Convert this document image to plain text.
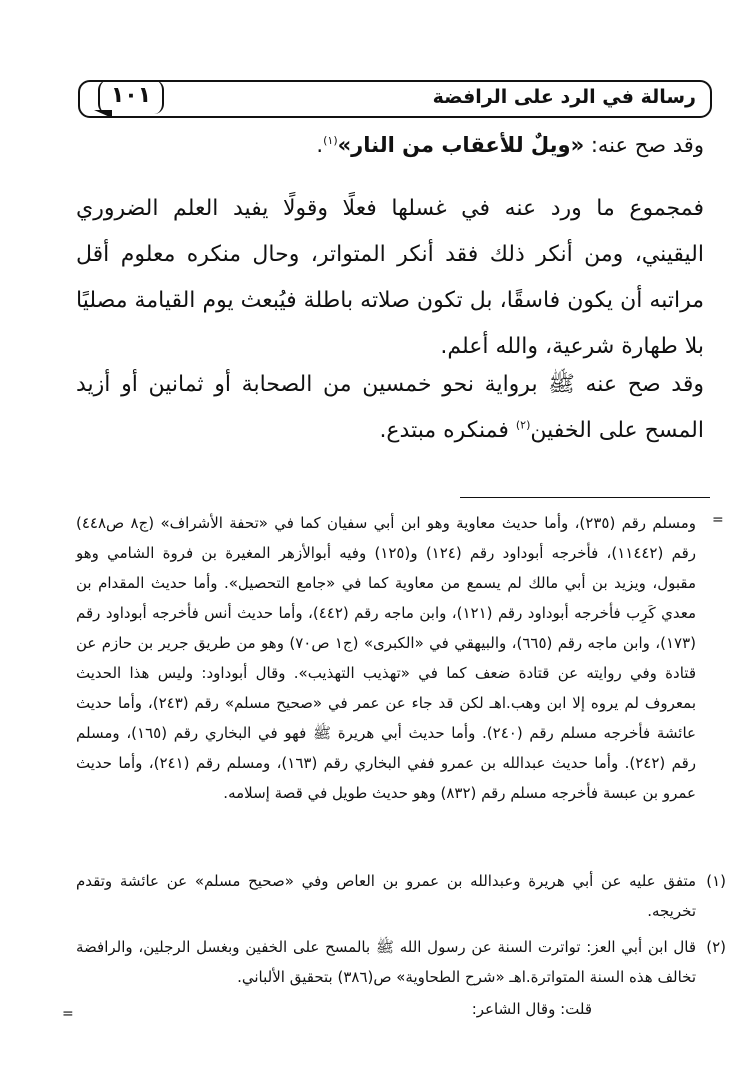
رسالة في الرد على الرافضة
١٠١
وقد صح عنه: «ويلٌ للأعقاب من النار»$^{(١)}$.
فمجموع ما ورد عنه في غسلها فعلًا وقولًا يفيد العلم الضروري اليقيني، ومن أنكر ذلك فقد أنكر المتواتر، وحال منكره معلوم أقل مراتبه أن يكون فاسقًا، بل تكون صلاته باطلة فيُبعث يوم القيامة مصليًا بلا طهارة شرعية، والله أعلم.
وقد صح عنه ﷺ برواية نحو خمسين من الصحابة أو ثمانين أو أزيد المسح على الخفين$^{(٢)}$ فمنكره مبتدع.
=
ومسلم رقم (٢٣٥)، وأما حديث معاوية وهو ابن أبي سفيان كما في «تحفة الأشراف» (ج٨ ص٤٤٨) رقم (١١٤٤٢)، فأخرجه أبوداود رقم (١٢٤) و(١٢٥) وفيه أبوالأزهر المغيرة بن فروة الشامي وهو مقبول، ويزيد بن أبي مالك لم يسمع من معاوية كما في «جامع التحصيل». وأما حديث المقدام بن معدي كَرِب فأخرجه أبوداود رقم (١٢١)، وابن ماجه رقم (٤٤٢)، وأما حديث أنس فأخرجه أبوداود رقم (١٧٣)، وابن ماجه رقم (٦٦٥)، والبيهقي في «الكبرى» (ج١ ص٧٠) وهو من طريق جرير بن حازم عن قتادة وفي روايته عن قتادة ضعف كما في «تهذيب التهذيب». وقال أبوداود: وليس هذا الحديث بمعروف لم يروه إلا ابن وهب.اهـ لكن قد جاء عن عمر في «صحيح مسلم» رقم (٢٤٣)، وأما حديث عائشة فأخرجه مسلم رقم (٢٤٠). وأما حديث أبي هريرة ﷺ فهو في البخاري رقم (١٦٥)، ومسلم رقم (٢٤٢). وأما حديث عبدالله بن عمرو ففي البخاري رقم (١٦٣)، ومسلم رقم (٢٤١)، وأما حديث عمرو بن عبسة فأخرجه مسلم رقم (٨٣٢) وهو حديث طويل في قصة إسلامه.
(١)
متفق عليه عن أبي هريرة وعبدالله بن عمرو بن العاص وفي «صحيح مسلم» عن عائشة وتقدم تخريجه.
(٢)
قال ابن أبي العز: تواترت السنة عن رسول الله ﷺ بالمسح على الخفين وبغسل الرجلين، والرافضة تخالف هذه السنة المتواترة.اهـ «شرح الطحاوية» ص(٣٨٦) بتحقيق الألباني.
قلت: وقال الشاعر:
=
